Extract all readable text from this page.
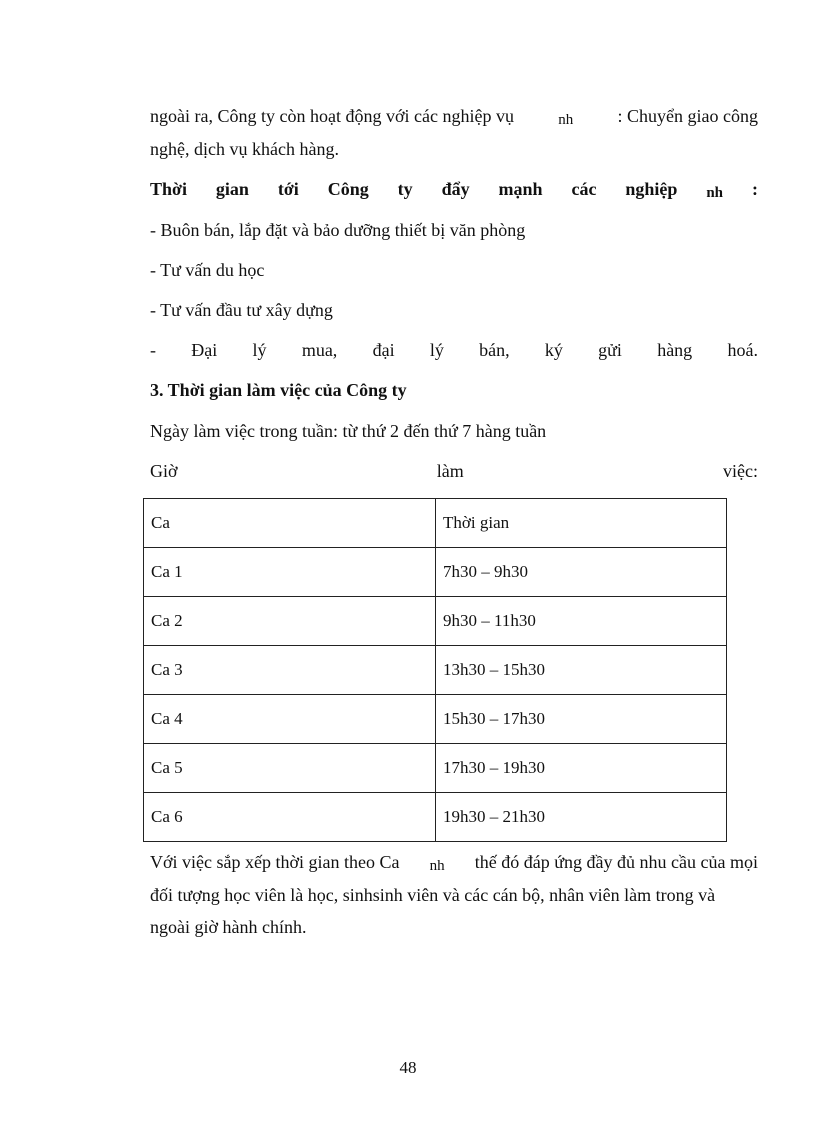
ngoài ra, Công ty còn hoạt động với các nghiệp vụ	nh : Chuyển giao công
nghệ, dịch vụ khách hàng.
Thời gian tới Công ty đẩy mạnh các nghiệp nh :
- Buôn bán, lắp đặt và bảo dưỡng thiết bị văn phòng
- Tư vấn du học
- Tư vấn đầu tư xây dựng
- Đại lý mua, đại lý bán, ký gửi hàng hoá.
3. Thời gian làm việc của Công ty
Ngày làm việc trong tuần: từ thứ 2 đến thứ 7 hàng tuần
Giờ	làm	việc:
Ca	Thời gian
Ca 1	7h30 – 9h30
Ca 2	9h30 – 11h30
Ca 3	13h30 – 15h30
Ca 4	15h30 – 17h30
Ca 5	17h30 – 19h30
Ca 6	19h30 – 21h30
Với việc sắp xếp thời gian theo Ca nh thế đó đáp ứng đầy đủ nhu cầu của mọi
đối tượng học viên là học, sinhsinh viên và các cán bộ, nhân viên làm trong và
ngoài giờ hành chính.
48
